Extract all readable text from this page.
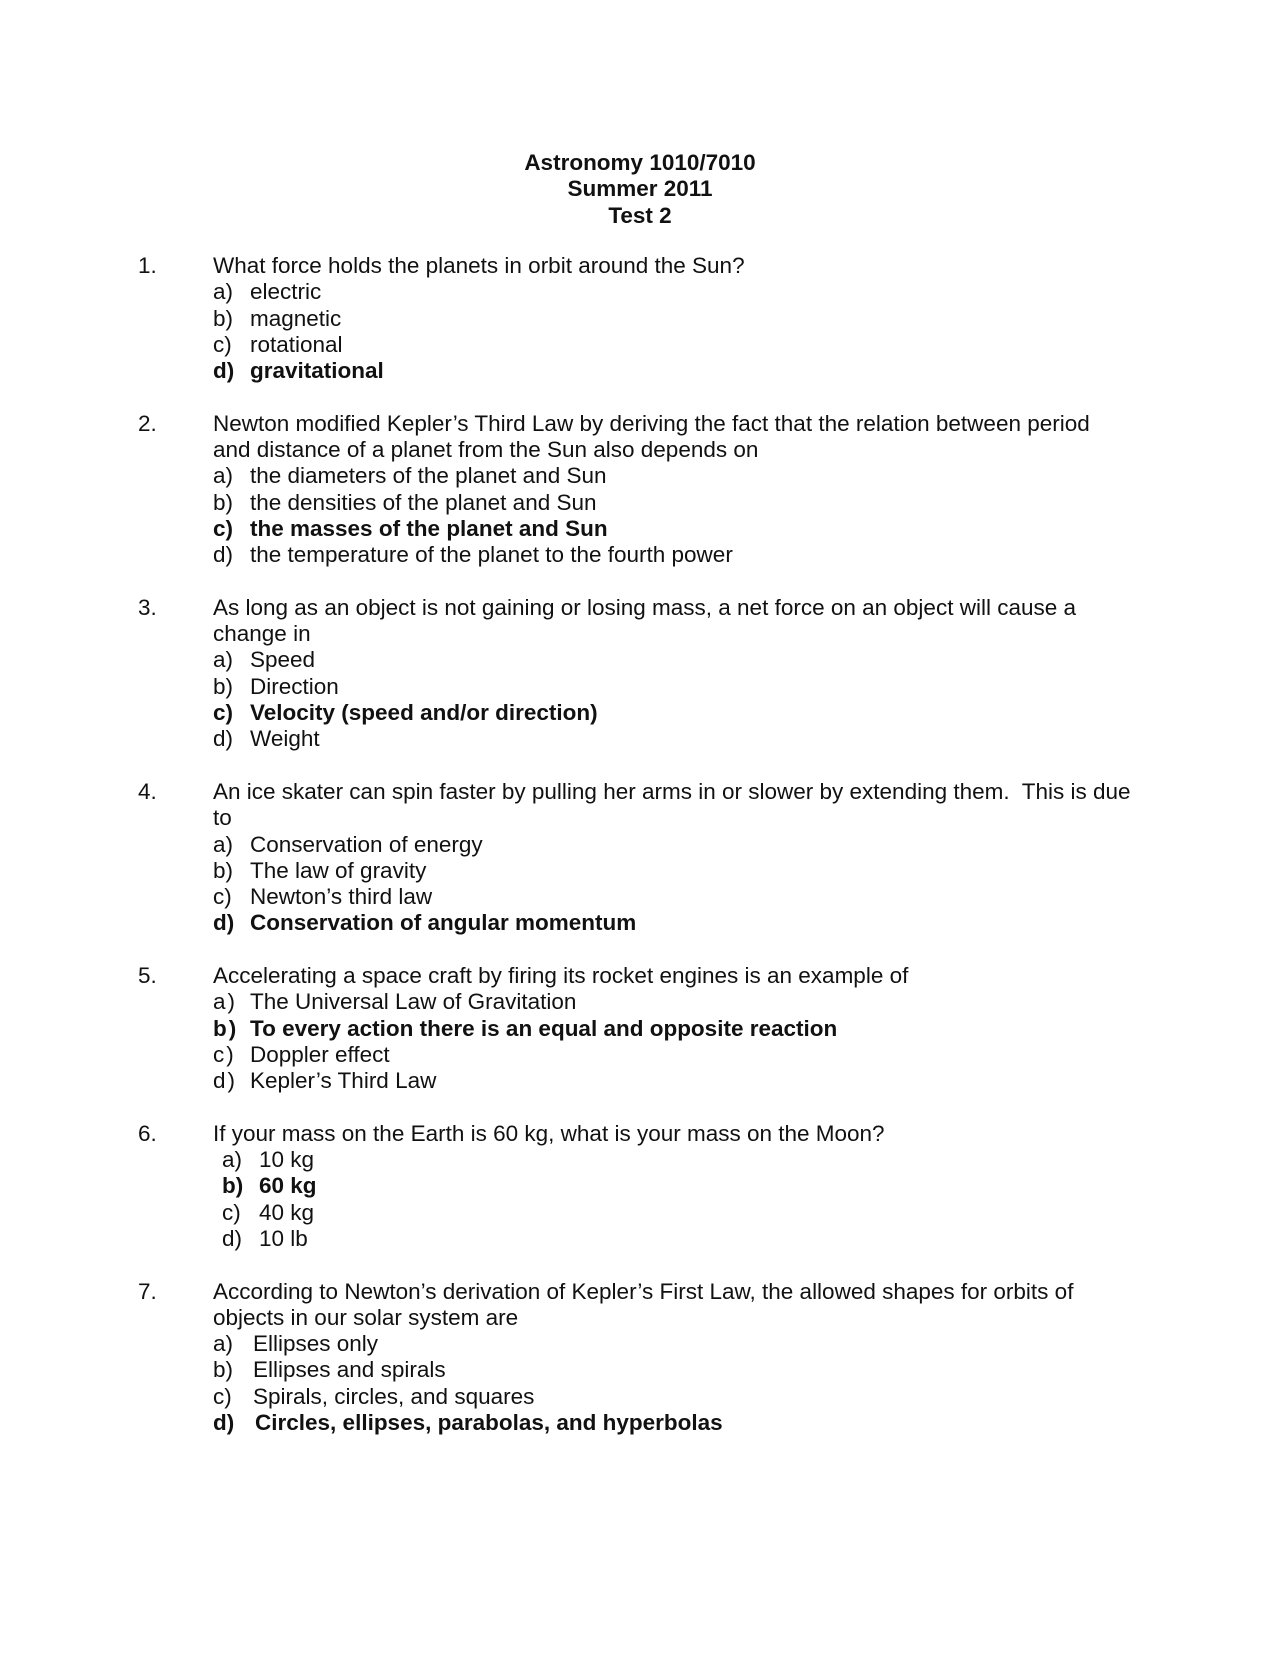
Astronomy 1010/7010
Summer 2011
Test 2
1.	What force holds the planets in orbit around the Sun?
a) electric
b) magnetic
c) rotational
d) gravitational
2.	Newton modified Kepler’s Third Law by deriving the fact that the relation between period and distance of a planet from the Sun also depends on
a) the diameters of the planet and Sun
b) the densities of the planet and Sun
c) the masses of the planet and Sun
d) the temperature of the planet to the fourth power
3.	As long as an object is not gaining or losing mass, a net force on an object will cause a change in
a) Speed
b) Direction
c) Velocity (speed and/or direction)
d) Weight
4.	An ice skater can spin faster by pulling her arms in or slower by extending them.  This is due to
a) Conservation of energy
b) The law of gravity
c) Newton’s third law
d) Conservation of angular momentum
5.	Accelerating a space craft by firing its rocket engines is an example of
a) The Universal Law of Gravitation
b) To every action there is an equal and opposite reaction
c) Doppler effect
d) Kepler’s Third Law
6.	If your mass on the Earth is 60 kg, what is your mass on the Moon?
a) 10 kg
b) 60 kg
c) 40 kg
d) 10 lb
7.	According to Newton’s derivation of Kepler’s First Law, the allowed shapes for orbits of objects in our solar system are
a) Ellipses only
b) Ellipses and spirals
c) Spirals, circles, and squares
d) Circles, ellipses, parabolas, and hyperbolas
